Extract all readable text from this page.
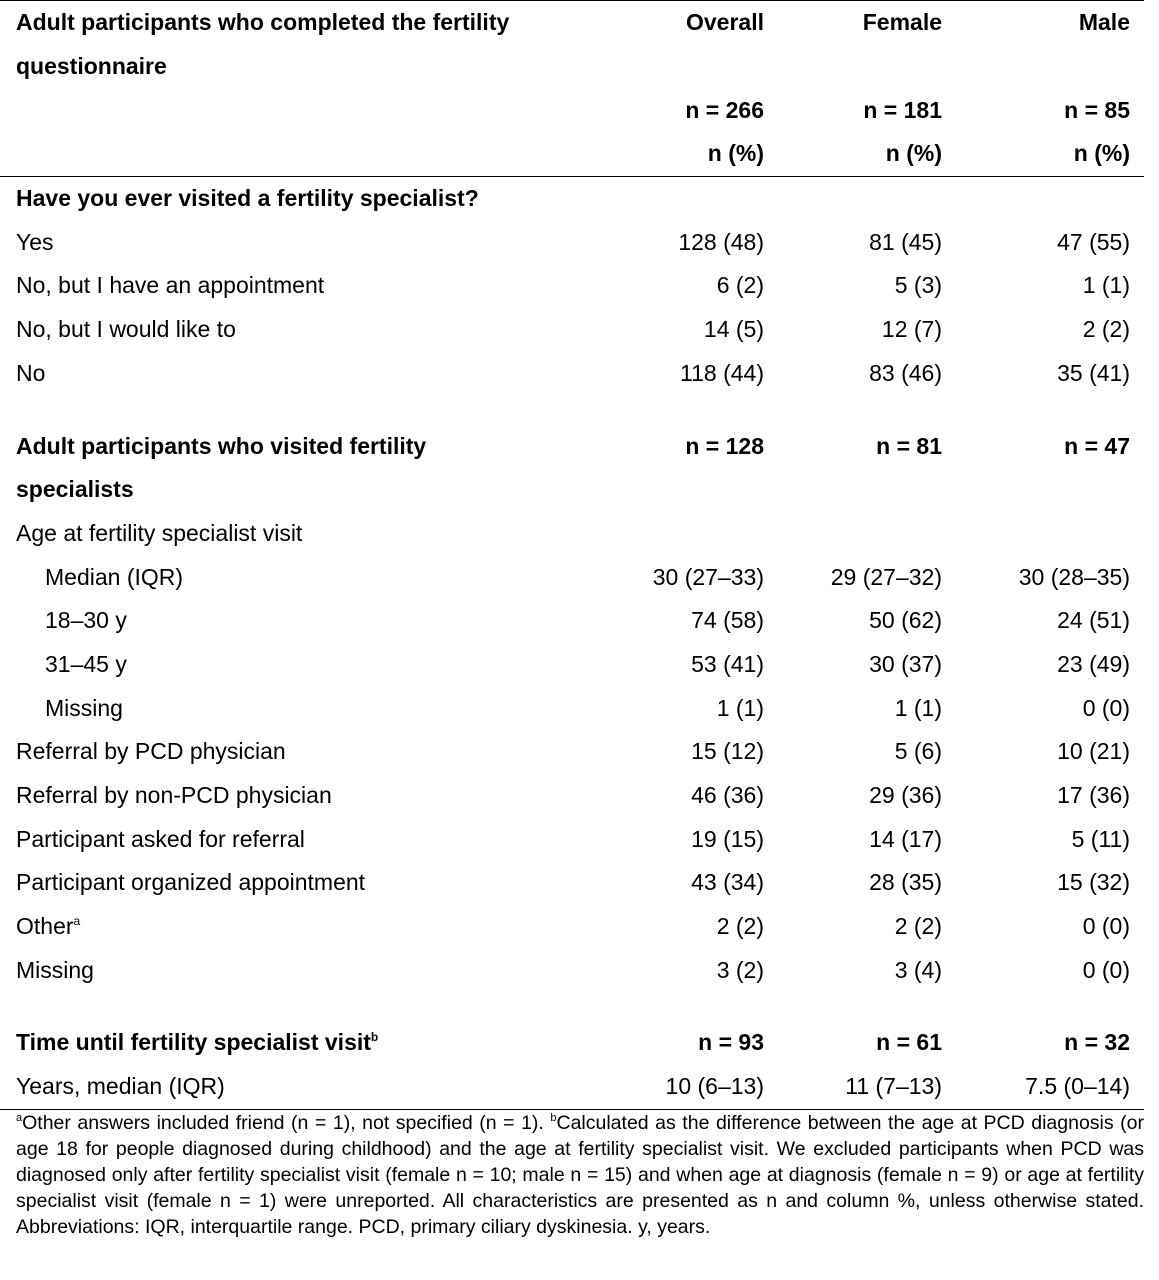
Adult participants who completed the fertility	Overall	Female	Male
questionnaire			
	n = 266	n = 181	n = 85
	n (%)	n (%)	n (%)
Have you ever visited a fertility specialist?			
Yes	128 (48)	81 (45)	47 (55)
No, but I have an appointment	6 (2)	5 (3)	1 (1)
No, but I would like to	14 (5)	12 (7)	2 (2)
No	118 (44)	83 (46)	35 (41)

Adult participants who visited fertility	n = 128	n = 81	n = 47
specialists			
Age at fertility specialist visit			
Median (IQR)	30 (27–33)	29 (27–32)	30 (28–35)
18–30 y	74 (58)	50 (62)	24 (51)
31–45 y	53 (41)	30 (37)	23 (49)
Missing	1 (1)	1 (1)	0 (0)
Referral by PCD physician	15 (12)	5 (6)	10 (21)
Referral by non-PCD physician	46 (36)	29 (36)	17 (36)
Participant asked for referral	19 (15)	14 (17)	5 (11)
Participant organized appointment	43 (34)	28 (35)	15 (32)
Other$^a$	2 (2)	2 (2)	0 (0)
Missing	3 (2)	3 (4)	0 (0)

Time until fertility specialist visit$^b$	n = 93	n = 61	n = 32
Years, median (IQR)	10 (6–13)	11 (7–13)	7.5 (0–14)
$^a$Other answers included friend (n = 1), not specified (n = 1). $^b$Calculated as the difference between the age at PCD diagnosis (or age 18 for people diagnosed during childhood) and the age at fertility specialist visit. We excluded participants when PCD was diagnosed only after fertility specialist visit (female n = 10; male n = 15) and when age at diagnosis (female n = 9) or age at fertility specialist visit (female n = 1) were unreported. All characteristics are presented as n and column %, unless otherwise stated. Abbreviations: IQR, interquartile range. PCD, primary ciliary dyskinesia. y, years.
